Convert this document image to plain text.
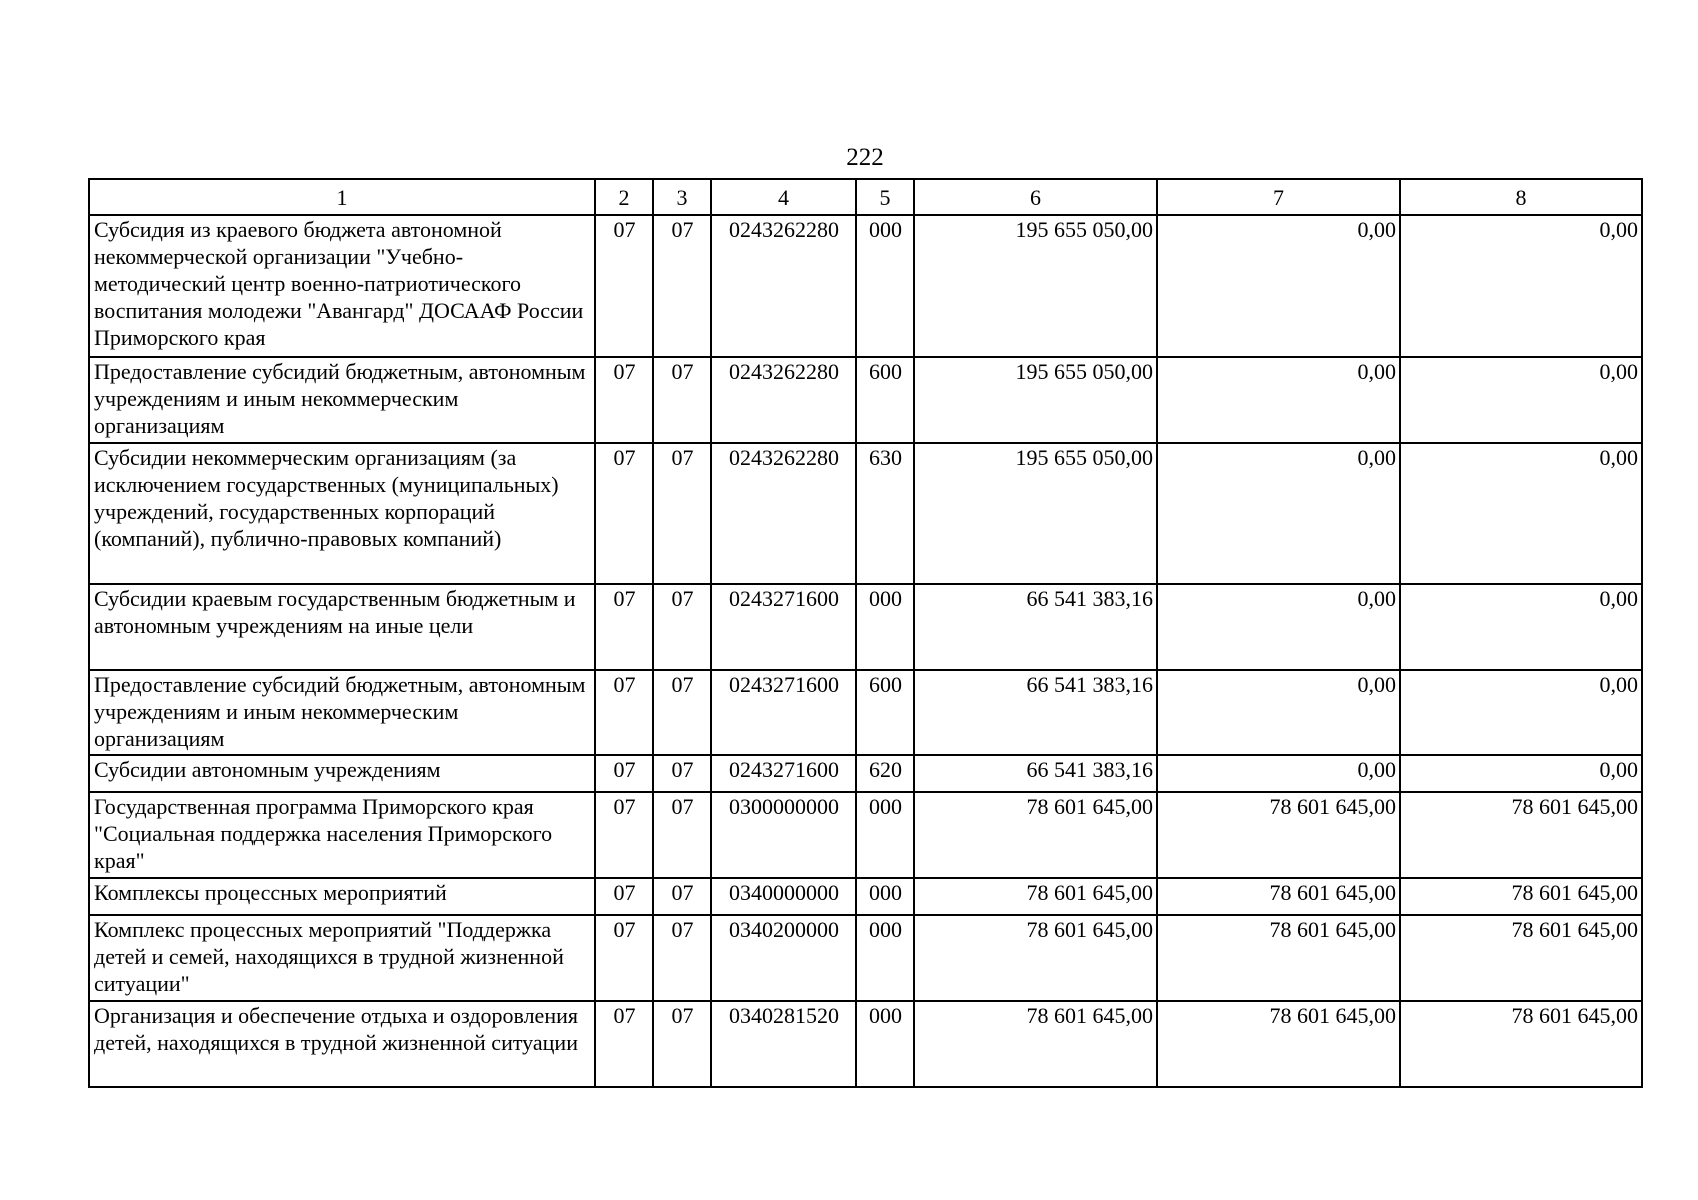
222
1	2	3	4	5	6	7	8
Субсидия из краевого бюджета автономной некоммерческой организации "Учебно-методический центр военно-патриотического воспитания молодежи "Авангард" ДОСААФ России Приморского края	07	07	0243262280	000	195 655 050,00	0,00	0,00
Предоставление субсидий бюджетным, автономным учреждениям и иным некоммерческим организациям	07	07	0243262280	600	195 655 050,00	0,00	0,00
Субсидии некоммерческим организациям (за исключением государственных (муниципальных) учреждений, государственных корпораций (компаний), публично-правовых компаний)	07	07	0243262280	630	195 655 050,00	0,00	0,00
Субсидии краевым государственным бюджетным и автономным учреждениям на иные цели	07	07	0243271600	000	66 541 383,16	0,00	0,00
Предоставление субсидий бюджетным, автономным учреждениям и иным некоммерческим организациям	07	07	0243271600	600	66 541 383,16	0,00	0,00
Субсидии автономным учреждениям	07	07	0243271600	620	66 541 383,16	0,00	0,00
Государственная программа Приморского края "Социальная поддержка населения Приморского края"	07	07	0300000000	000	78 601 645,00	78 601 645,00	78 601 645,00
Комплексы процессных мероприятий	07	07	0340000000	000	78 601 645,00	78 601 645,00	78 601 645,00
Комплекс процессных мероприятий "Поддержка детей и семей, находящихся в трудной жизненной ситуации"	07	07	0340200000	000	78 601 645,00	78 601 645,00	78 601 645,00
Организация и обеспечение отдыха и оздоровления детей, находящихся в трудной жизненной ситуации	07	07	0340281520	000	78 601 645,00	78 601 645,00	78 601 645,00
